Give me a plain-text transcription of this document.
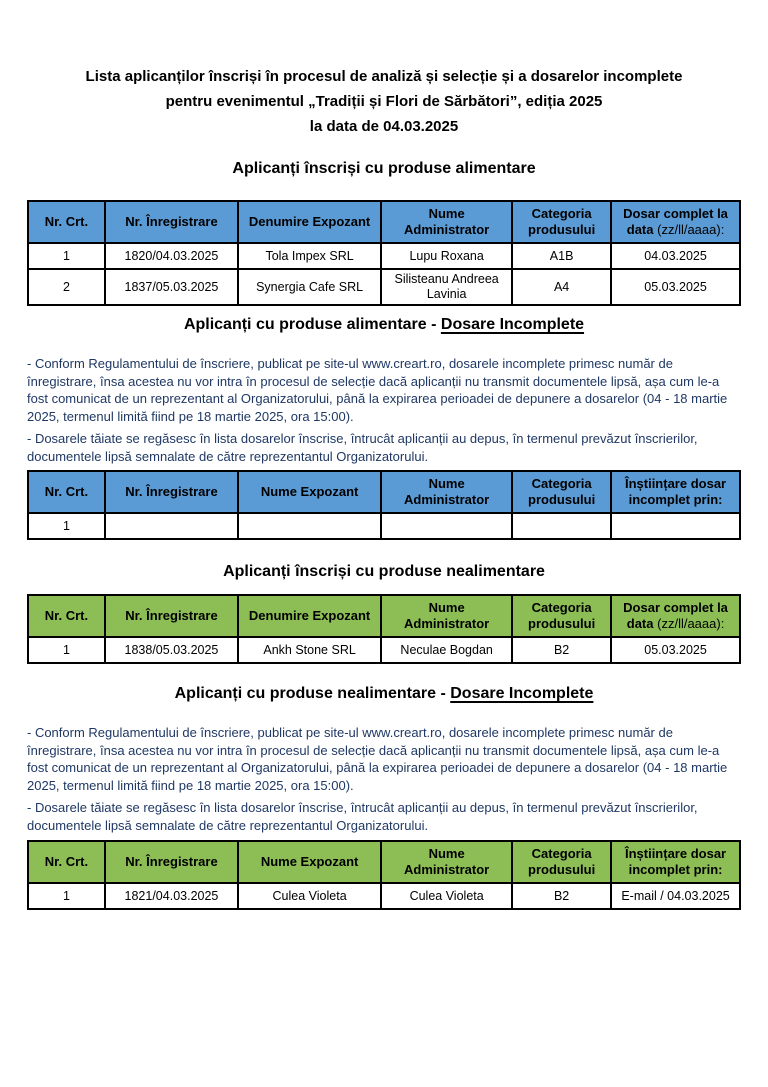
Lista aplicanților înscriși în procesul de analiză și selecție și a dosarelor incomplete
pentru evenimentul „Tradiții și Flori de Sărbători”, ediția 2025
la data de 04.03.2025
Aplicanți înscriși cu produse alimentare
Nr. Crt.	Nr. Înregistrare	Denumire Expozant	Nume Administrator	Categoria produsului	Dosar complet la data (zz/ll/aaaa):
1	1820/04.03.2025	Tola Impex SRL	Lupu Roxana	A1B	04.03.2025
2	1837/05.03.2025	Synergia Cafe SRL	Silisteanu Andreea Lavinia	A4	05.03.2025
Aplicanți cu produse alimentare - Dosare Incomplete

- Conform Regulamentului de înscriere, publicat pe site-ul www.creart.ro, dosarele incomplete primesc număr de înregistrare, însa acestea nu vor intra în procesul de selecție dacă aplicanții nu transmit documentele lipsă, așa cum le-a fost comunicat de un reprezentant al Organizatorului, până la expirarea perioadei de depunere a dosarelor (04 - 18 martie 2025, termenul limită fiind pe 18 martie 2025, ora 15:00).

- Dosarele tăiate se regăsesc în lista dosarelor înscrise, întrucât aplicanții au depus, în termenul prevăzut înscrierilor, documentele lipsă semnalate de către reprezentantul Organizatorului.

Nr. Crt.	Nr. Înregistrare	Nume Expozant	Nume Administrator	Categoria produsului	Înștiințare dosar incomplet prin:
1					
Aplicanți înscriși cu produse nealimentare
Nr. Crt.	Nr. Înregistrare	Denumire Expozant	Nume Administrator	Categoria produsului	Dosar complet la data (zz/ll/aaaa):
1	1838/05.03.2025	Ankh Stone SRL	Neculae Bogdan	B2	05.03.2025
Aplicanți cu produse nealimentare - Dosare Incomplete

- Conform Regulamentului de înscriere, publicat pe site-ul www.creart.ro, dosarele incomplete primesc număr de înregistrare, însa acestea nu vor intra în procesul de selecție dacă aplicanții nu transmit documentele lipsă, așa cum le-a fost comunicat de un reprezentant al Organizatorului, până la expirarea perioadei de depunere a dosarelor (04 - 18 martie 2025, termenul limită fiind pe 18 martie 2025, ora 15:00).

- Dosarele tăiate se regăsesc în lista dosarelor înscrise, întrucât aplicanții au depus, în termenul prevăzut înscrierilor, documentele lipsă semnalate de către reprezentantul Organizatorului.

Nr. Crt.	Nr. Înregistrare	Nume Expozant	Nume Administrator	Categoria produsului	Înștiințare dosar incomplet prin:
1	1821/04.03.2025	Culea Violeta	Culea Violeta	B2	E-mail / 04.03.2025
